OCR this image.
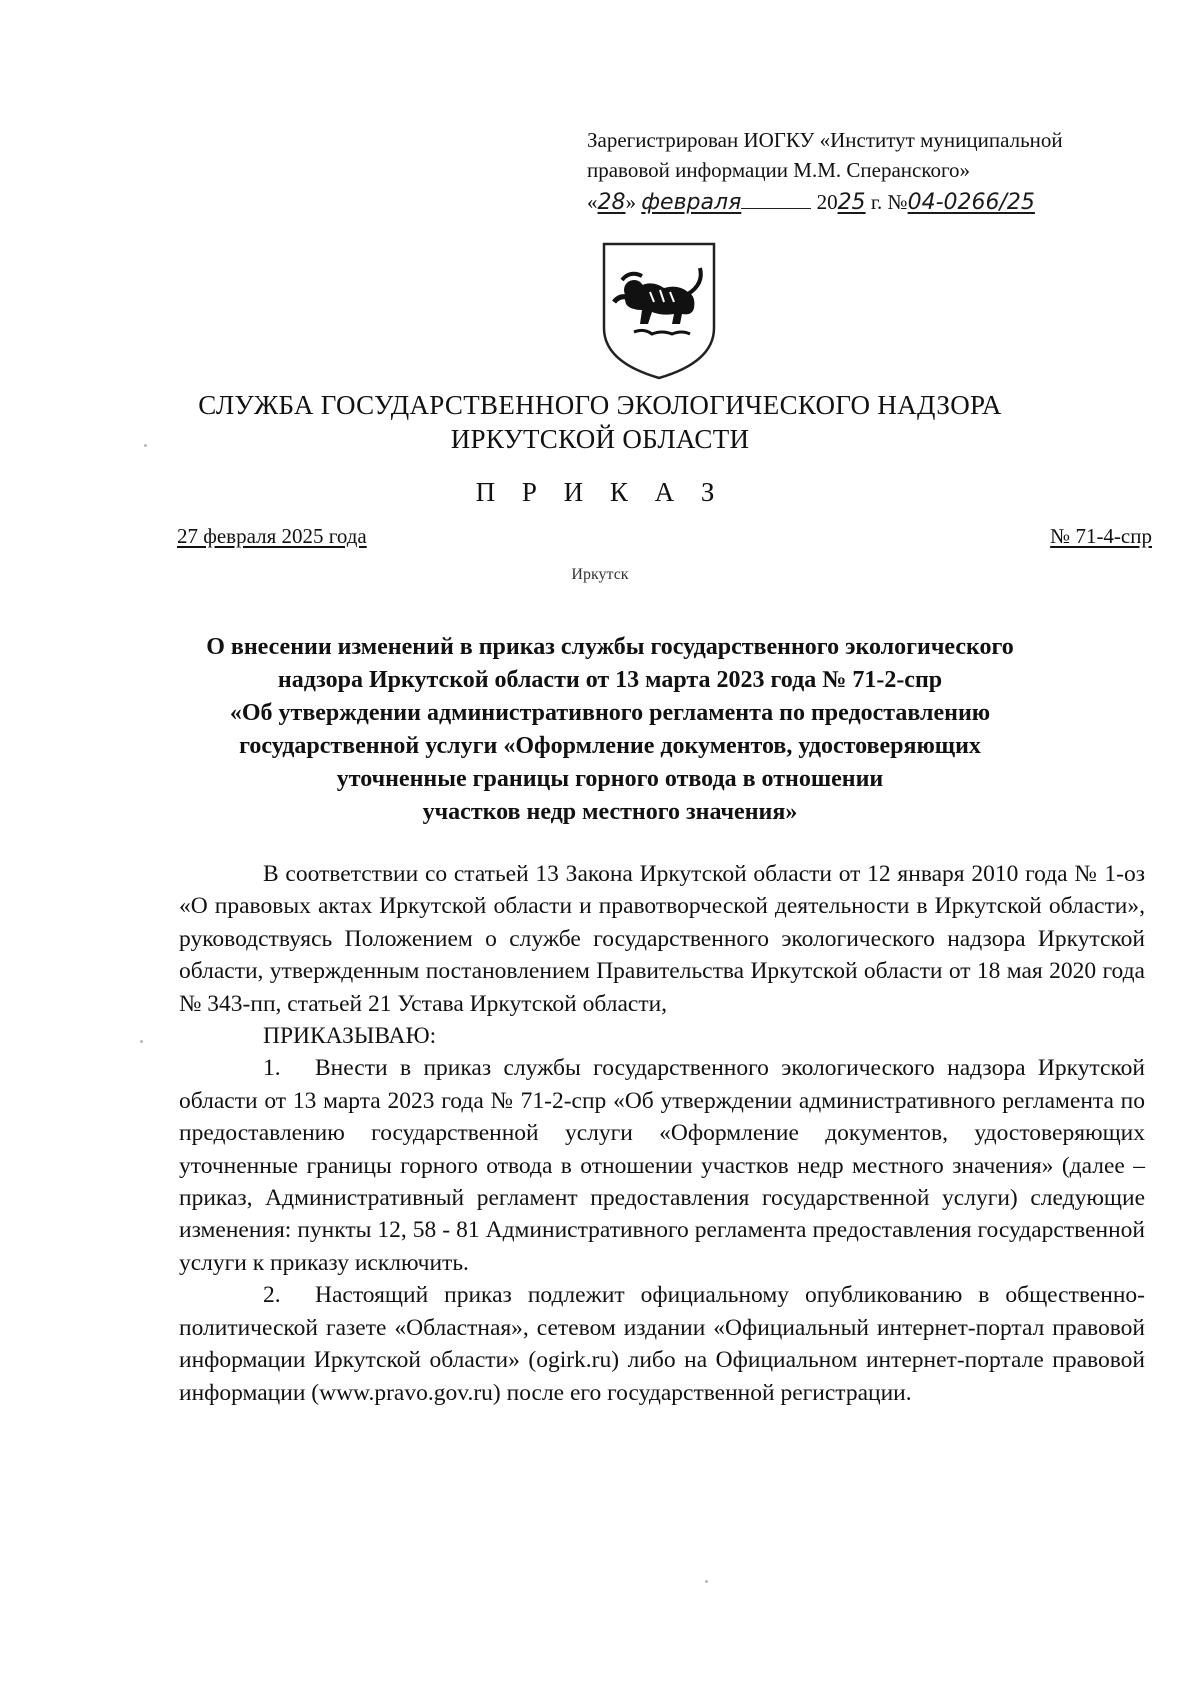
Зарегистрирован ИОГКУ «Институт муниципальной
правовой информации М.М. Сперанского»
«28» февраля	2025 г. №04-0266/25
СЛУЖБА ГОСУДАРСТВЕННОГО ЭКОЛОГИЧЕСКОГО НАДЗОРА
ИРКУТСКОЙ ОБЛАСТИ
П Р И К А З
27 февраля 2025 года	№ 71-4-спр
Иркутск
О внесении изменений в приказ службы государственного экологического
надзора Иркутской области от 13 марта 2023 года № 71-2-спр
«Об утверждении административного регламента по предоставлению
государственной услуги «Оформление документов, удостоверяющих
уточненные границы горного отвода в отношении
участков недр местного значения»

В соответствии со статьей 13 Закона Иркутской области от 12 января 2010 года № 1-оз «О правовых актах Иркутской области и правотворческой деятельности в Иркутской области», руководствуясь Положением о службе государственного экологического надзора Иркутской области, утвержденным постановлением Правительства Иркутской области от 18 мая 2020 года № 343-пп, статьей 21 Устава Иркутской области,

ПРИКАЗЫВАЮ:

1. Внести в приказ службы государственного экологического надзора Иркутской области от 13 марта 2023 года № 71-2-спр «Об утверждении административного регламента по предоставлению государственной услуги «Оформление документов, удостоверяющих уточненные границы горного отвода в отношении участков недр местного значения» (далее – приказ, Административный регламент предоставления государственной услуги) следующие изменения: пункты 12, 58 - 81 Административного регламента предоставления государственной услуги к приказу исключить.

2. Настоящий приказ подлежит официальному опубликованию в общественно-политической газете «Областная», сетевом издании «Официальный интернет-портал правовой информации Иркутской области» (ogirk.ru) либо на Официальном интернет-портале правовой информации (www.pravo.gov.ru) после его государственной регистрации.
